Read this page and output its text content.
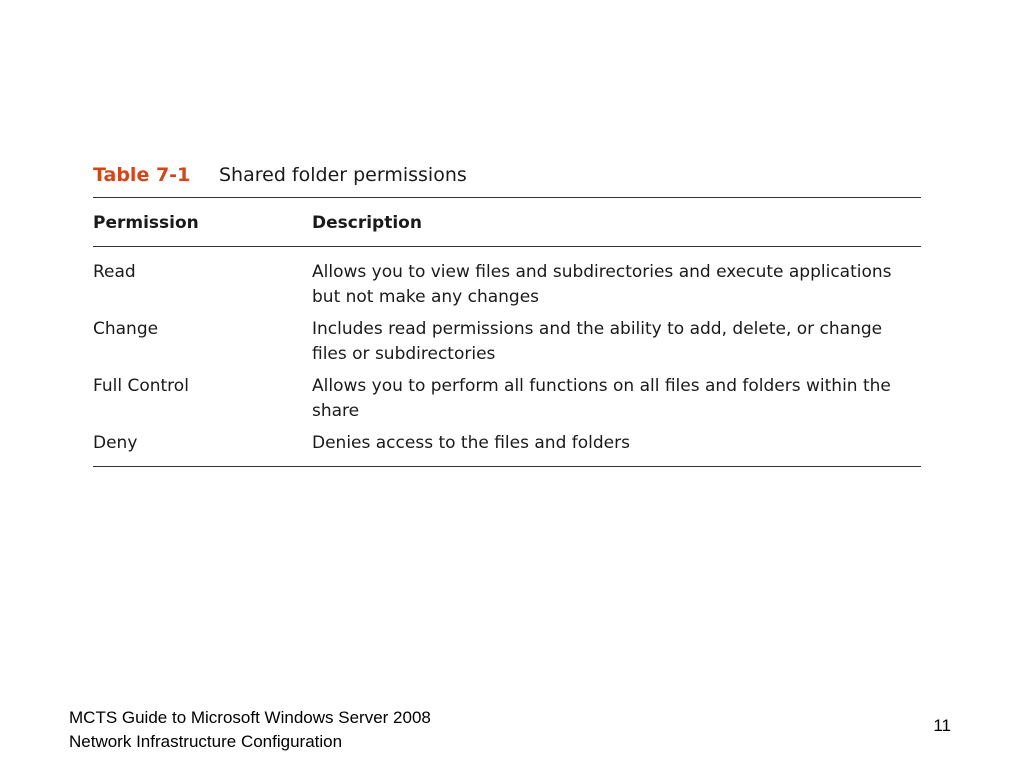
Table 7-1 Shared folder permissions
Permission	Description
Read	Allows you to view files and subdirectories and execute applications but not make any changes
Change	Includes read permissions and the ability to add, delete, or change files or subdirectories
Full Control	Allows you to perform all functions on all files and folders within the share
Deny	Denies access to the files and folders
MCTS Guide to Microsoft Windows Server 2008
Network Infrastructure Configuration
11
